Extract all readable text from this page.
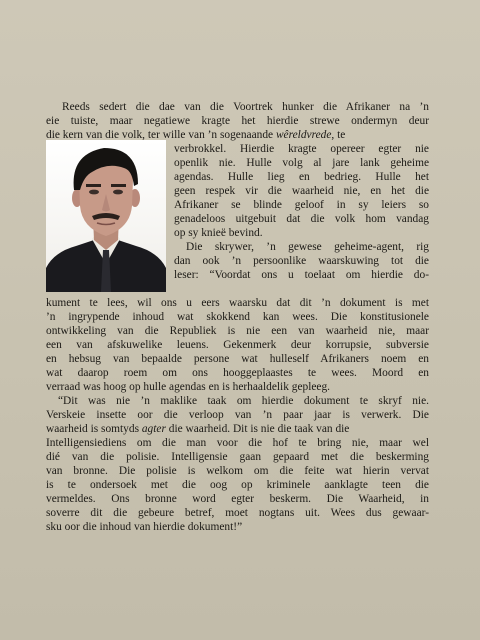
Reeds sedert die dae van die Voortrek hunker die Afrikaner na ’n
eie tuiste, maar negatiewe kragte het hierdie strewe ondermyn deur
die kern van die volk, ter wille van ’n sogenaande wêreldvrede, te
verbrokkel. Hierdie kragte opereer egter nie
openlik nie. Hulle volg al jare lank geheime
agendas. Hulle lieg en bedrieg. Hulle het
geen respek vir die waarheid nie, en het die
Afrikaner se blinde geloof in sy leiers so
genadeloos uitgebuit dat die volk hom vandag
op sy knieë bevind.
Die skrywer, ’n gewese geheime-agent, rig
dan ook ’n persoonlike waarskuwing tot die
leser: “Voordat ons u toelaat om hierdie do-
kument te lees, wil ons u eers waarsku dat dit ’n dokument is met
’n ingrypende inhoud wat skokkend kan wees. Die konstitusionele
ontwikkeling van die Republiek is nie een van waarheid nie, maar
een van afskuwelike leuens. Gekenmerk deur korrupsie, subversie
en hebsug van bepaalde persone wat hulleself Afrikaners noem en
wat daarop roem om ons hooggeplaastes te wees. Moord en
verraad was hoog op hulle agendas en is herhaaldelik gepleeg.
“Dit was nie ’n maklike taak om hierdie dokument te skryf nie.
Verskeie insette oor die verloop van ’n paar jaar is verwerk. Die
waarheid is somtyds agter die waarheid. Dit is nie die taak van die
Intelligensiediens om die man voor die hof te bring nie, maar wel
dié van die polisie. Intelligensie gaan gepaard met die beskerming
van bronne. Die polisie is welkom om die feite wat hierin vervat
is te ondersoek met die oog op kriminele aanklagte teen die
vermeldes. Ons bronne word egter beskerm. Die Waarheid, in
soverre dit die gebeure betref, moet nogtans uit. Wees dus gewaar-
sku oor die inhoud van hierdie dokument!”
